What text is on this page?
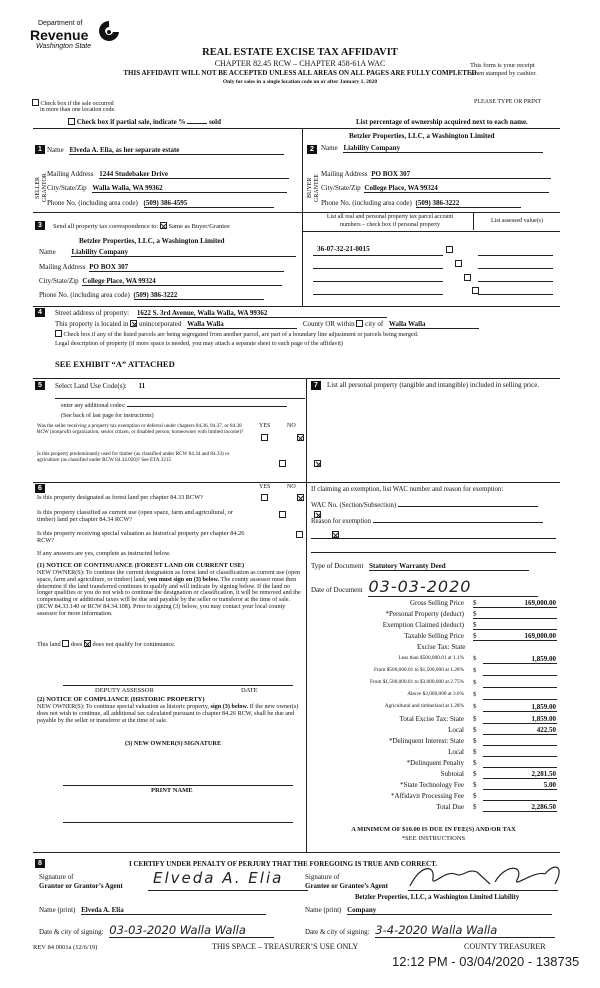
Department of
Revenue
Washington State
REAL ESTATE EXCISE TAX AFFIDAVIT
CHAPTER 82.45 RCW – CHAPTER 458-61A WAC
THIS AFFIDAVIT WILL NOT BE ACCEPTED UNLESS ALL AREAS ON ALL PAGES ARE FULLY COMPLETED
Only for sales in a single location code on or after January 1, 2020
This form is your receipt
when stamped by cashier.
PLEASE TYPE OR PRINT
Check box if the sale occurred
in more than one location code.
Check box if partial sale, indicate %	sold	List percentage of ownership acquired next to each name.
1 Name Elveda A. Elia, as her separate estate
SELLER GRANTOR Mailing Address 1244 Studebaker Drive
City/State/Zip Walla Walla, WA 99362
Phone No. (including area code) (509) 386-4595
2
Betzler Properties, LLC, a Washington Limited
Name Liability Company
BUYER GRANTEE Mailing Address PO BOX 307
City/State/Zip College Place, WA 99324
Phone No. (including area code) (509) 386-3222
3	Send all property tax correspondence to: Same as Buyer/Grantee
Betzler Properties, LLC, a Washington Limited
Name Liability Company
Mailing Address PO BOX 307
City/State/Zip College Place, WA 99324
Phone No. (including area code) (509) 386-3222
List all real and personal property tax parcel account
numbers – check box if personal property
List assessed value(s)
36-07-32-21-0015

4	Street address of property: 1622 S. 3rd Avenue, Walla Walla, WA 99362
This property is located in unincorporated Walla Walla	County OR within city of Walla Walla
Check box if any of the listed parcels are being segregated from another parcel, are part of a boundary line adjustment or parcels being merged.
Legal description of property (if more space is needed, you may attach a separate sheet to each page of the affidavit)
SEE EXHIBIT “A” ATTACHED
5	Select Land Use Code(s): 11
enter any additional codes:
(See back of last page for instructions)
YES	NO
Was the seller receiving a property tax exemption or deferral under chapters 84.36, 84.37, or 84.38 RCW (nonprofit organization, senior citizen, or disabled person, homeowner with limited income)?

Is this property predominantly used for timber (as classified under RCW 84.34 and 84.33) or agriculture (as classified under RCW 84.34.020)? See ETA 3215

7	List all personal property (tangible and intangible) included in selling price.
6	YES	NO
Is this property designated as forest land per chapter 84.33 RCW?

Is this property classified as current use (open space, farm and agricultural, or timber) land per chapter 84.34 RCW?

Is this property receiving special valuation as historical property per chapter 84.26 RCW?

If any answers are yes, complete as instructed below.
(1) NOTICE OF CONTINUANCE (FOREST LAND OR CURRENT USE)
NEW OWNER(S): To continue the current designation as forest land or classification as current use (open space, farm and agriculture, or timber) land, you must sign on (3) below. The county assessor must then determine if the land transferred continues to qualify and will indicate by signing below. If the land no longer qualifies or you do not wish to continue the designation or classification, it will be removed and the compensating or additional taxes will be due and payable by the seller or transferor at the time of sale. (RCW 84.33.140 or RCW 84.34.108). Prior to signing (3) below, you may contact your local county assessor for more information.
This land does does not qualify for continuance.
DEPUTY ASSESSOR	DATE
(2) NOTICE OF COMPLIANCE (HISTORIC PROPERTY)
NEW OWNER(S): To continue special valuation as historic property, sign (3) below. If the new owner(s) does not wish to continue, all additional tax calculated pursuant to chapter 84.26 RCW, shall be due and payable by the seller or transferor at the time of sale.
(3) NEW OWNER(S) SIGNATURE
PRINT NAME
If claiming an exemption, list WAC number and reason for exemption:
WAC No. (Section/Subsection)
Reason for exemption
Type of Document Statutory Warranty Deed
Date of Document 03-03-2020
Gross Selling Price $	169,000.00
*Personal Property (deduct) $
Exemption Claimed (deduct) $
Taxable Selling Price $	169,000.00
Excise Tax: State
Less than $500,000.01 at 1.1% $	1,859.00
From $500,000.01 to $1,500,000 at 1.28% $
From $1,500,000.01 to $3,000,000 at 2.75% $
Above $3,000,000 at 3.0% $
Agricultural and timberland at 1.28% $	1,859.00
Total Excise Tax: State $	1,859.00
Local $	422.50
*Delinquent Interest: State $
Local $
*Delinquent Penalty $
Subtotal $	2,281.50
*State Technology Fee $	5.00
*Affidavit Processing Fee $
Total Due $	2,286.50
A MINIMUM OF $10.00 IS DUE IN FEE(S) AND/OR TAX
*SEE INSTRUCTIONS
8	I CERTIFY UNDER PENALTY OF PERJURY THAT THE FOREGOING IS TRUE AND CORRECT.
Signature of
Grantor or Grantor’s Agent Elveda A. Elia	Signature of
Grantee or Grantee’s Agent
Betzler Properties, LLC, a Washington Limited Liability
Name (print) Elveda A. Elia	Name (print) Company
Date & city of signing: 03-03-2020 Walla Walla	Date & city of signing: 3-4-2020 Walla Walla
REV 84 0001a (12/6/19)	THIS SPACE – TREASURER’S USE ONLY	COUNTY TREASURER
12:12 PM - 03/04/2020 - 138735
